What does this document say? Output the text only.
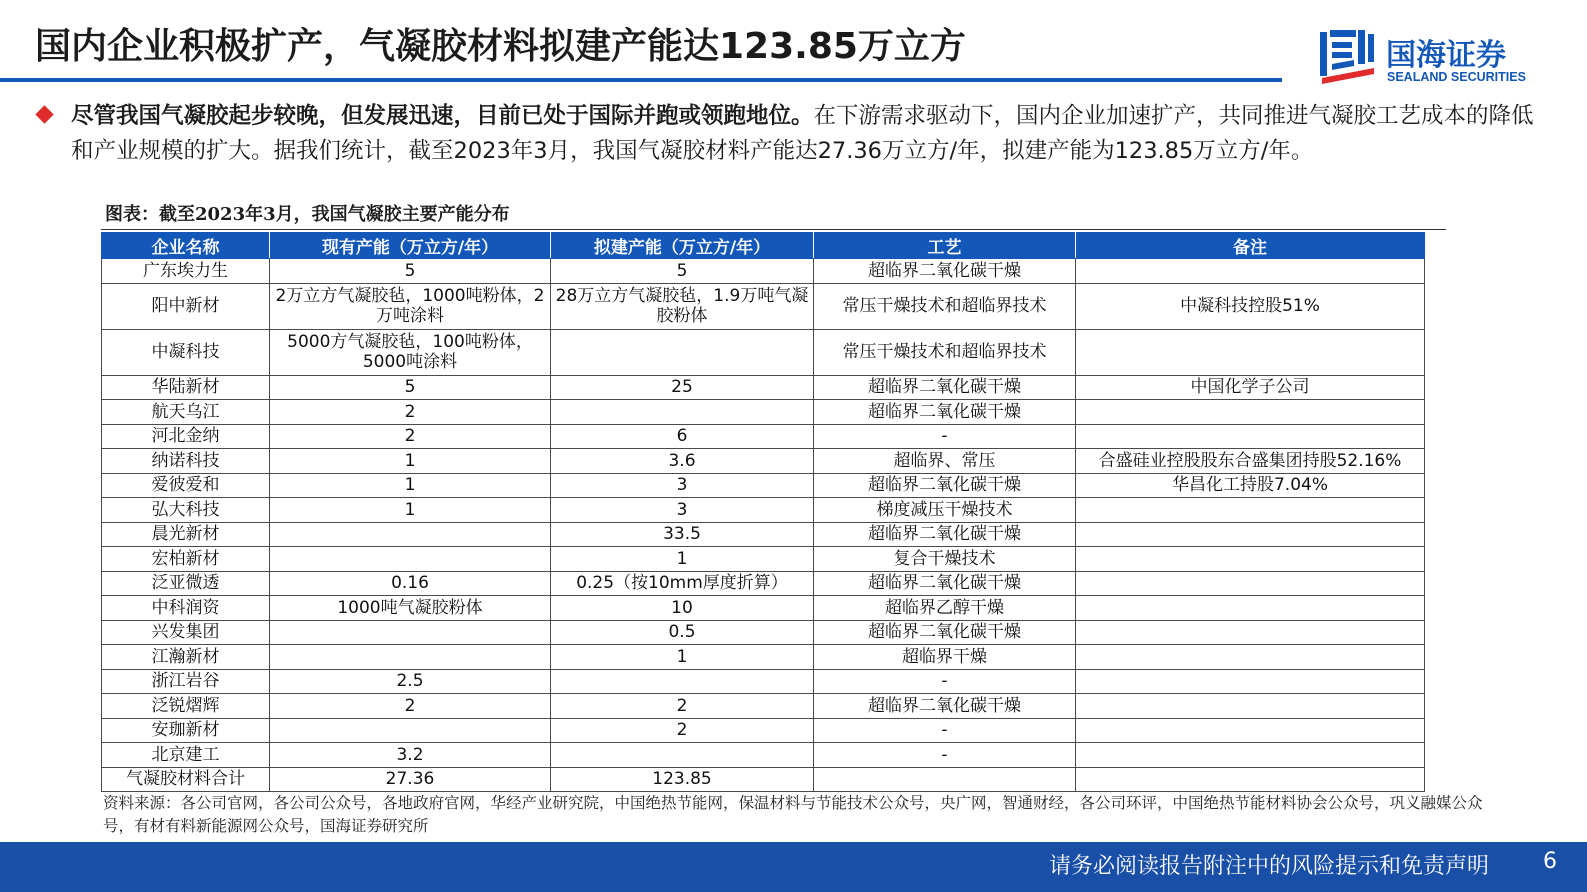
国内企业积极扩产，气凝胶材料拟建产能达123.85万立方	国海证券
SEALAND SECURITIES
尽管我国气凝胶起步较晚，但发展迅速，目前已处于国际并跑或领跑地位。在下游需求驱动下，国内企业加速扩产，共同推进气凝胶工艺成本的降低和产业规模的扩大。据我们统计，截至2023年3月，我国气凝胶材料产能达27.36万立方/年，拟建产能为123.85万立方/年。
图表：截至2023年3月，我国气凝胶主要产能分布
企业名称	现有产能（万立方/年）	拟建产能（万立方/年）	工艺	备注
广东埃力生	5	5	超临界二氧化碳干燥	
阳中新材	2万立方气凝胶毡，1000吨粉体，2万吨涂料	28万立方气凝胶毡，1.9万吨气凝胶粉体	常压干燥技术和超临界技术	中凝科技控股51%
中凝科技	5000方气凝胶毡，100吨粉体，5000吨涂料		常压干燥技术和超临界技术	
华陆新材	5	25	超临界二氧化碳干燥	中国化学子公司
航天乌江	2		超临界二氧化碳干燥	
河北金纳	2	6	-	
纳诺科技	1	3.6	超临界、常压	合盛硅业控股股东合盛集团持股52.16%
爱彼爱和	1	3	超临界二氧化碳干燥	华昌化工持股7.04%
弘大科技	1	3	梯度减压干燥技术	
晨光新材		33.5	超临界二氧化碳干燥	
宏柏新材		1	复合干燥技术	
泛亚微透	0.16	0.25（按10mm厚度折算）	超临界二氧化碳干燥	
中科润资	1000吨气凝胶粉体	10	超临界乙醇干燥	
兴发集团		0.5	超临界二氧化碳干燥	
江瀚新材		1	超临界干燥	
浙江岩谷	2.5		-	
泛锐熠辉	2	2	超临界二氧化碳干燥	
安珈新材		2	-	
北京建工	3.2		-	
气凝胶材料合计	27.36	123.85		
资料来源：各公司官网，各公司公众号，各地政府官网，华经产业研究院，中国绝热节能网，保温材料与节能技术公众号，央广网，智通财经，各公司环评，中国绝热节能材料协会公众号，巩义融媒公众号，有材有料新能源网公众号，国海证券研究所
请务必阅读报告附注中的风险提示和免责声明 6
